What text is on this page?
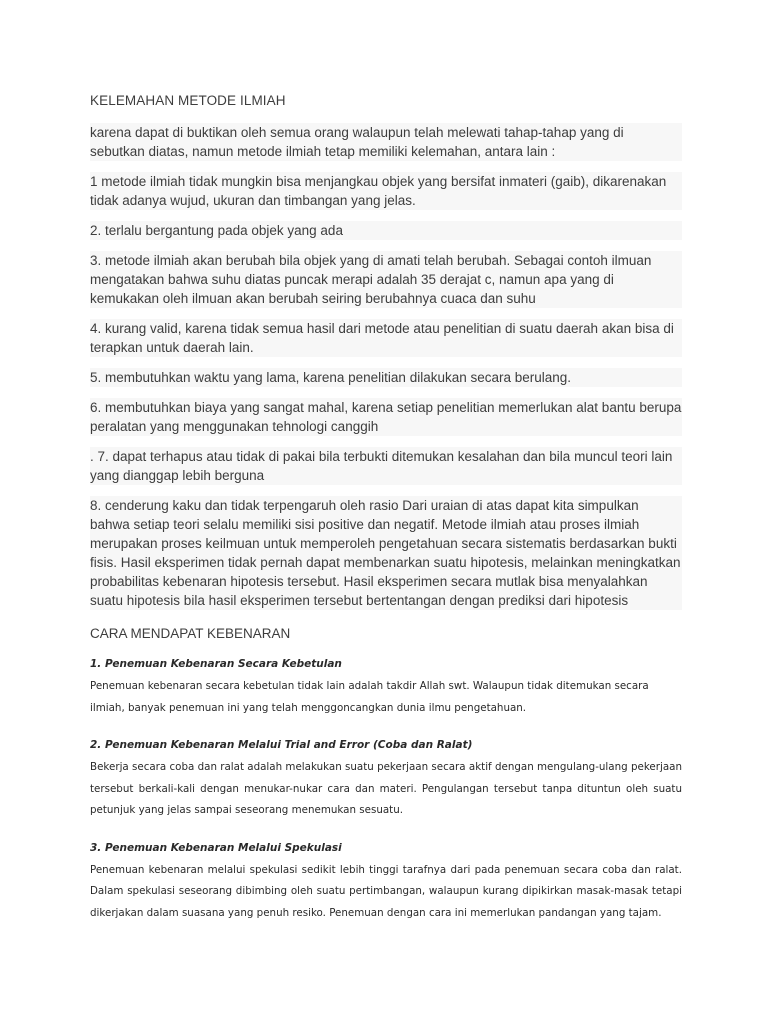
KELEMAHAN METODE ILMIAH
karena dapat di buktikan oleh semua orang walaupun telah melewati tahap-tahap yang di sebutkan diatas, namun metode ilmiah tetap memiliki kelemahan, antara lain :
1 metode ilmiah tidak mungkin bisa menjangkau objek yang bersifat inmateri (gaib), dikarenakan tidak adanya wujud, ukuran dan timbangan yang jelas.
2. terlalu bergantung pada objek yang ada
3. metode ilmiah akan berubah bila objek yang di amati telah berubah. Sebagai contoh ilmuan mengatakan bahwa suhu diatas puncak merapi adalah 35 derajat c, namun apa yang di kemukakan oleh ilmuan akan berubah seiring berubahnya cuaca dan suhu
4. kurang valid, karena tidak semua hasil dari metode atau penelitian di suatu daerah akan bisa di terapkan untuk daerah lain.
5. membutuhkan waktu yang lama, karena penelitian dilakukan secara berulang.
6. membutuhkan biaya yang sangat mahal, karena setiap penelitian memerlukan alat bantu berupa peralatan yang menggunakan tehnologi canggih
. 7. dapat terhapus atau tidak di pakai bila terbukti ditemukan kesalahan dan bila muncul teori lain yang dianggap lebih berguna
8. cenderung kaku dan tidak terpengaruh oleh rasio Dari uraian di atas dapat kita simpulkan bahwa setiap teori selalu memiliki sisi positive dan negatif. Metode ilmiah atau proses ilmiah merupakan proses keilmuan untuk memperoleh pengetahuan secara sistematis berdasarkan bukti fisis. Hasil eksperimen tidak pernah dapat membenarkan suatu hipotesis, melainkan meningkatkan probabilitas kebenaran hipotesis tersebut. Hasil eksperimen secara mutlak bisa menyalahkan suatu hipotesis bila hasil eksperimen tersebut bertentangan dengan prediksi dari hipotesis
CARA MENDAPAT KEBENARAN
1. Penemuan Kebenaran Secara Kebetulan
Penemuan kebenaran secara kebetulan tidak lain adalah takdir Allah swt. Walaupun tidak ditemukan secara ilmiah, banyak penemuan ini yang telah menggoncangkan dunia ilmu pengetahuan.
2. Penemuan Kebenaran Melalui Trial and Error (Coba dan Ralat)
Bekerja secara coba dan ralat adalah melakukan suatu pekerjaan secara aktif dengan mengulang-ulang pekerjaan tersebut berkali-kali dengan menukar-nukar cara dan materi. Pengulangan tersebut tanpa dituntun oleh suatu petunjuk yang jelas sampai seseorang menemukan sesuatu.
3. Penemuan Kebenaran Melalui Spekulasi
Penemuan kebenaran melalui spekulasi sedikit lebih tinggi tarafnya dari pada penemuan secara coba dan ralat. Dalam spekulasi seseorang dibimbing oleh suatu pertimbangan, walaupun kurang dipikirkan masak-masak tetapi dikerjakan dalam suasana yang penuh resiko. Penemuan dengan cara ini memerlukan pandangan yang tajam.
